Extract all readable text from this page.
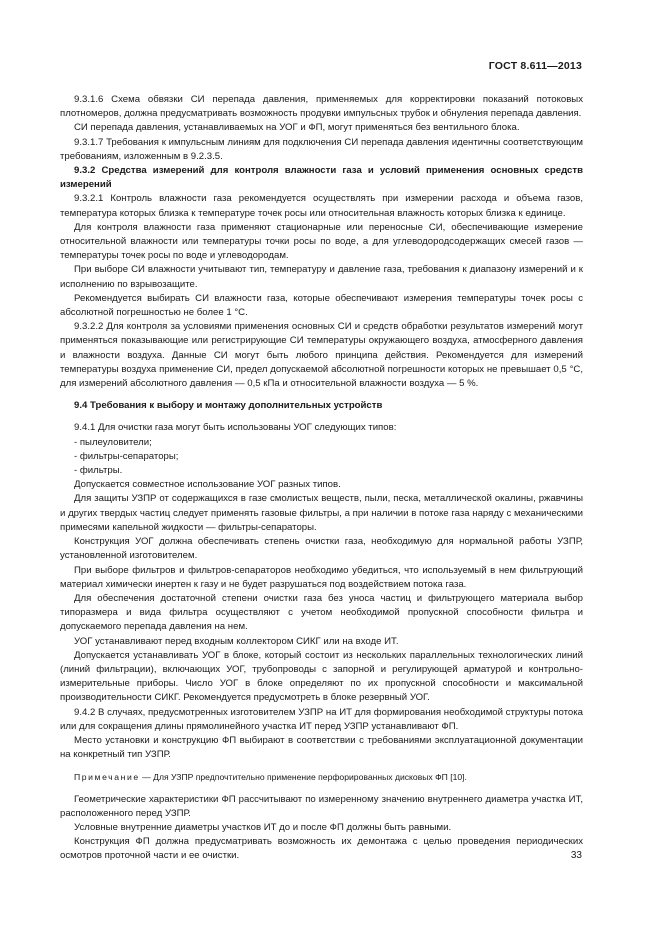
ГОСТ 8.611—2013

9.3.1.6 Схема обвязки СИ перепада давления, применяемых для корректировки показаний потоковых плотномеров, должна предусматривать возможность продувки импульсных трубок и обнуления перепада давления.

СИ перепада давления, устанавливаемых на УОГ и ФП, могут применяться без вентильного блока.

9.3.1.7 Требования к импульсным линиям для подключения СИ перепада давления идентичны соответствующим требованиям, изложенным в 9.2.3.5.

9.3.2 Средства измерений для контроля влажности газа и условий применения основных средств измерений

9.3.2.1 Контроль влажности газа рекомендуется осуществлять при измерении расхода и объема газов, температура которых близка к температуре точек росы или относительная влажность которых близка к единице.

Для контроля влажности газа применяют стационарные или переносные СИ, обеспечивающие измерение относительной влажности или температуры точки росы по воде, а для углеводородсодержащих смесей газов — температуры точек росы по воде и углеводородам.

При выборе СИ влажности учитывают тип, температуру и давление газа, требования к диапазону измерений и к исполнению по взрывозащите.

Рекомендуется выбирать СИ влажности газа, которые обеспечивают измерения температуры точек росы с абсолютной погрешностью не более 1 °С.

9.3.2.2 Для контроля за условиями применения основных СИ и средств обработки результатов измерений могут применяться показывающие или регистрирующие СИ температуры окружающего воздуха, атмосферного давления и влажности воздуха. Данные СИ могут быть любого принципа действия. Рекомендуется для измерений температуры воздуха применение СИ, предел допускаемой абсолютной погрешности которых не превышает 0,5 °С, для измерений абсолютного давления — 0,5 кПа и относительной влажности воздуха — 5 %.

9.4 Требования к выбору и монтажу дополнительных устройств

9.4.1 Для очистки газа могут быть использованы УОГ следующих типов:

- пылеуловители;

- фильтры-сепараторы;

- фильтры.

Допускается совместное использование УОГ разных типов.

Для защиты УЗПР от содержащихся в газе смолистых веществ, пыли, песка, металлической окалины, ржавчины и других твердых частиц следует применять газовые фильтры, а при наличии в потоке газа наряду с механическими примесями капельной жидкости — фильтры-сепараторы.

Конструкция УОГ должна обеспечивать степень очистки газа, необходимую для нормальной работы УЗПР, установленной изготовителем.

При выборе фильтров и фильтров-сепараторов необходимо убедиться, что используемый в нем фильтрующий материал химически инертен к газу и не будет разрушаться под воздействием потока газа.

Для обеспечения достаточной степени очистки газа без уноса частиц и фильтрующего материала выбор типоразмера и вида фильтра осуществляют с учетом необходимой пропускной способности фильтра и допускаемого перепада давления на нем.

УОГ устанавливают перед входным коллектором СИКГ или на входе ИТ.

Допускается устанавливать УОГ в блоке, который состоит из нескольких параллельных технологических линий (линий фильтрации), включающих УОГ, трубопроводы с запорной и регулирующей арматурой и контрольно-измерительные приборы. Число УОГ в блоке определяют по их пропускной способности и максимальной производительности СИКГ. Рекомендуется предусмотреть в блоке резервный УОГ.

9.4.2 В случаях, предусмотренных изготовителем УЗПР на ИТ для формирования необходимой структуры потока или для сокращения длины прямолинейного участка ИТ перед УЗПР устанавливают ФП.

Место установки и конструкцию ФП выбирают в соответствии с требованиями эксплуатационной документации на конкретный тип УЗПР.

Примечание — Для УЗПР предпочтительно применение перфорированных дисковых ФП [10].

Геометрические характеристики ФП рассчитывают по измеренному значению внутреннего диаметра участка ИТ, расположенного перед УЗПР.

Условные внутренние диаметры участков ИТ до и после ФП должны быть равными.

Конструкция ФП должна предусматривать возможность их демонтажа с целью проведения периодических осмотров проточной части и ее очистки.	33
